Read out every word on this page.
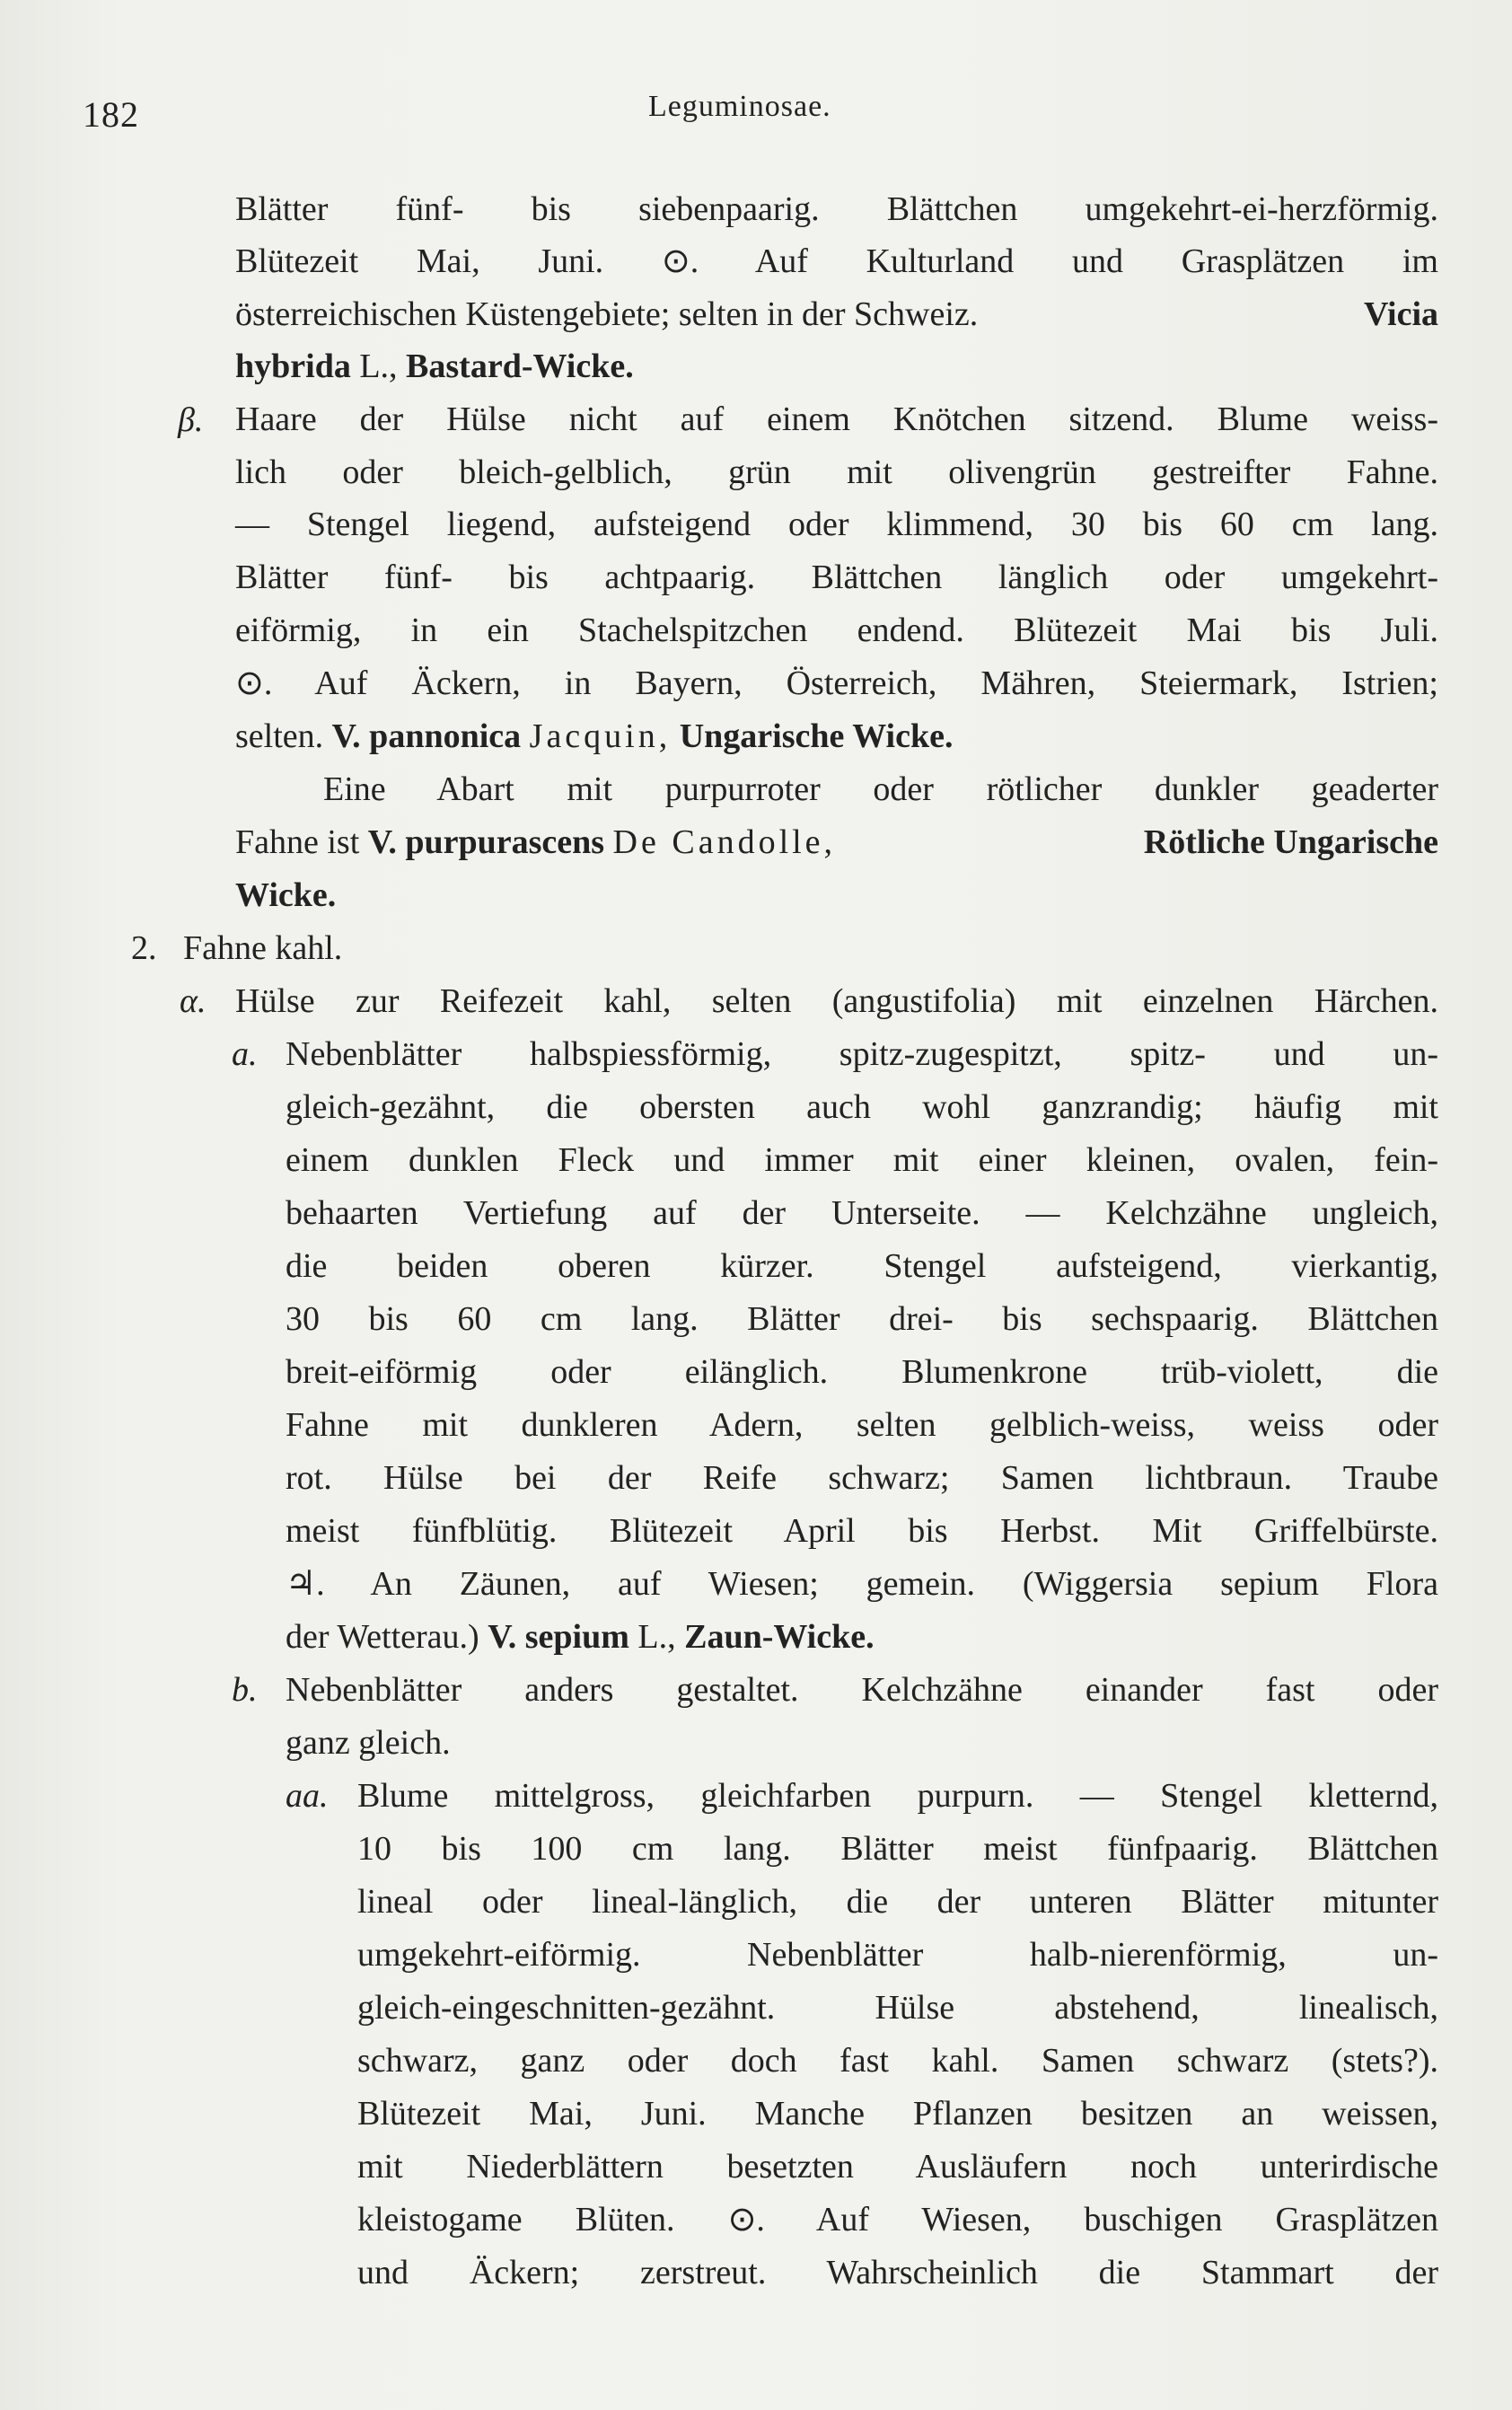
182	Leguminosae.
Blätter fünf- bis siebenpaarig. Blättchen umgekehrt-ei-herzförmig.
Blütezeit Mai, Juni. ⊙. Auf Kulturland und Grasplätzen im
österreichischen Küstengebiete; selten in der Schweiz.	Vicia
hybrida L., Bastard-Wicke.
β. Haare der Hülse nicht auf einem Knötchen sitzend. Blume weiss-
lich oder bleich-gelblich, grün mit olivengrün gestreifter Fahne.
— Stengel liegend, aufsteigend oder klimmend, 30 bis 60 cm lang.
Blätter fünf- bis achtpaarig. Blättchen länglich oder umgekehrt-
eiförmig, in ein Stachelspitzchen endend. Blütezeit Mai bis Juli.
⊙. Auf Äckern, in Bayern, Österreich, Mähren, Steiermark, Istrien;
selten. V. pannonica Jacquin, Ungarische Wicke.
Eine Abart mit purpurroter oder rötlicher dunkler geaderter
Fahne ist V. purpurascens De Candolle,	Rötliche Ungarische
Wicke.
2. Fahne kahl.
α. Hülse zur Reifezeit kahl, selten (angustifolia) mit einzelnen Härchen.
a. Nebenblätter halbspiessförmig, spitz-zugespitzt, spitz- und un-
gleich-gezähnt, die obersten auch wohl ganzrandig; häufig mit
einem dunklen Fleck und immer mit einer kleinen, ovalen, fein-
behaarten Vertiefung auf der Unterseite. — Kelchzähne ungleich,
die beiden oberen kürzer. Stengel aufsteigend, vierkantig,
30 bis 60 cm lang. Blätter drei- bis sechspaarig. Blättchen
breit-eiförmig oder eilänglich. Blumenkrone trüb-violett, die
Fahne mit dunkleren Adern, selten gelblich-weiss, weiss oder
rot. Hülse bei der Reife schwarz; Samen lichtbraun. Traube
meist fünfblütig. Blütezeit April bis Herbst. Mit Griffelbürste.
♃. An Zäunen, auf Wiesen; gemein. (Wiggersia sepium Flora
der Wetterau.) V. sepium L., Zaun-Wicke.
b. Nebenblätter anders gestaltet. Kelchzähne einander fast oder
ganz gleich.
aa. Blume mittelgross, gleichfarben purpurn. — Stengel kletternd,
10 bis 100 cm lang. Blätter meist fünfpaarig. Blättchen
lineal oder lineal-länglich, die der unteren Blätter mitunter
umgekehrt-eiförmig. Nebenblätter halb-nierenförmig, un-
gleich-eingeschnitten-gezähnt. Hülse abstehend, linealisch,
schwarz, ganz oder doch fast kahl. Samen schwarz (stets?).
Blütezeit Mai, Juni. Manche Pflanzen besitzen an weissen,
mit Niederblättern besetzten Ausläufern noch unterirdische
kleistogame Blüten. ⊙. Auf Wiesen, buschigen Grasplätzen
und Äckern; zerstreut. Wahrscheinlich die Stammart der
